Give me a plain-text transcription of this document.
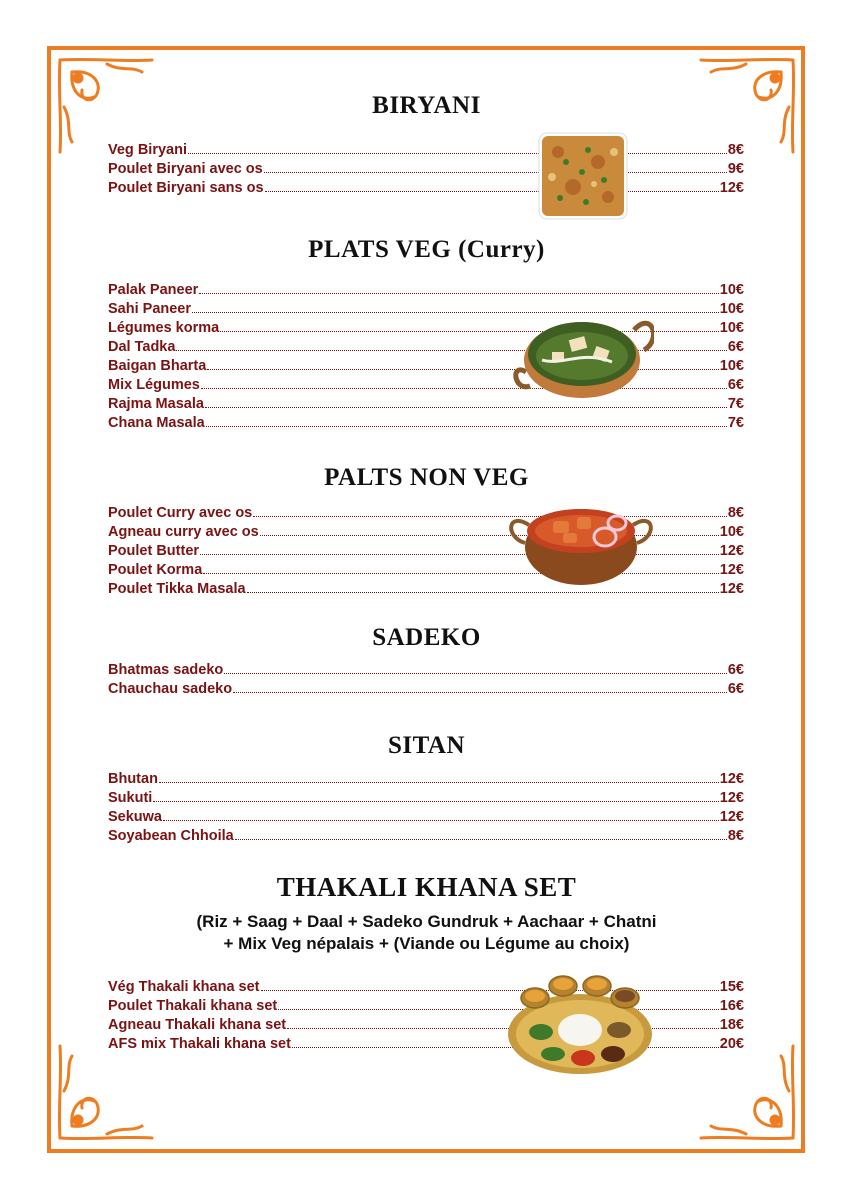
BIRYANI
Veg Biryani	8€
Poulet Biryani avec os	9€
Poulet Biryani sans os	12€
PLATS VEG (Curry)
Palak Paneer	10€
Sahi Paneer	10€
Légumes korma	10€
Dal Tadka	6€
Baigan Bharta	10€
Mix Légumes	6€
Rajma Masala	7€
Chana Masala	7€
PALTS NON VEG
Poulet Curry avec os	8€
Agneau curry avec os	10€
Poulet Butter	12€
Poulet Korma	12€
Poulet Tikka Masala	12€
SADEKO
Bhatmas sadeko	6€
Chauchau sadeko	6€
SITAN
Bhutan	12€
Sukuti	12€
Sekuwa	12€
Soyabean Chhoila	8€
THAKALI KHANA SET
(Riz + Saag + Daal + Sadeko Gundruk + Aachaar + Chatni
+ Mix Veg népalais + (Viande ou Légume au choix)
Vég Thakali khana set	15€
Poulet Thakali khana set	16€
Agneau Thakali khana set	18€
AFS mix Thakali khana set	20€
